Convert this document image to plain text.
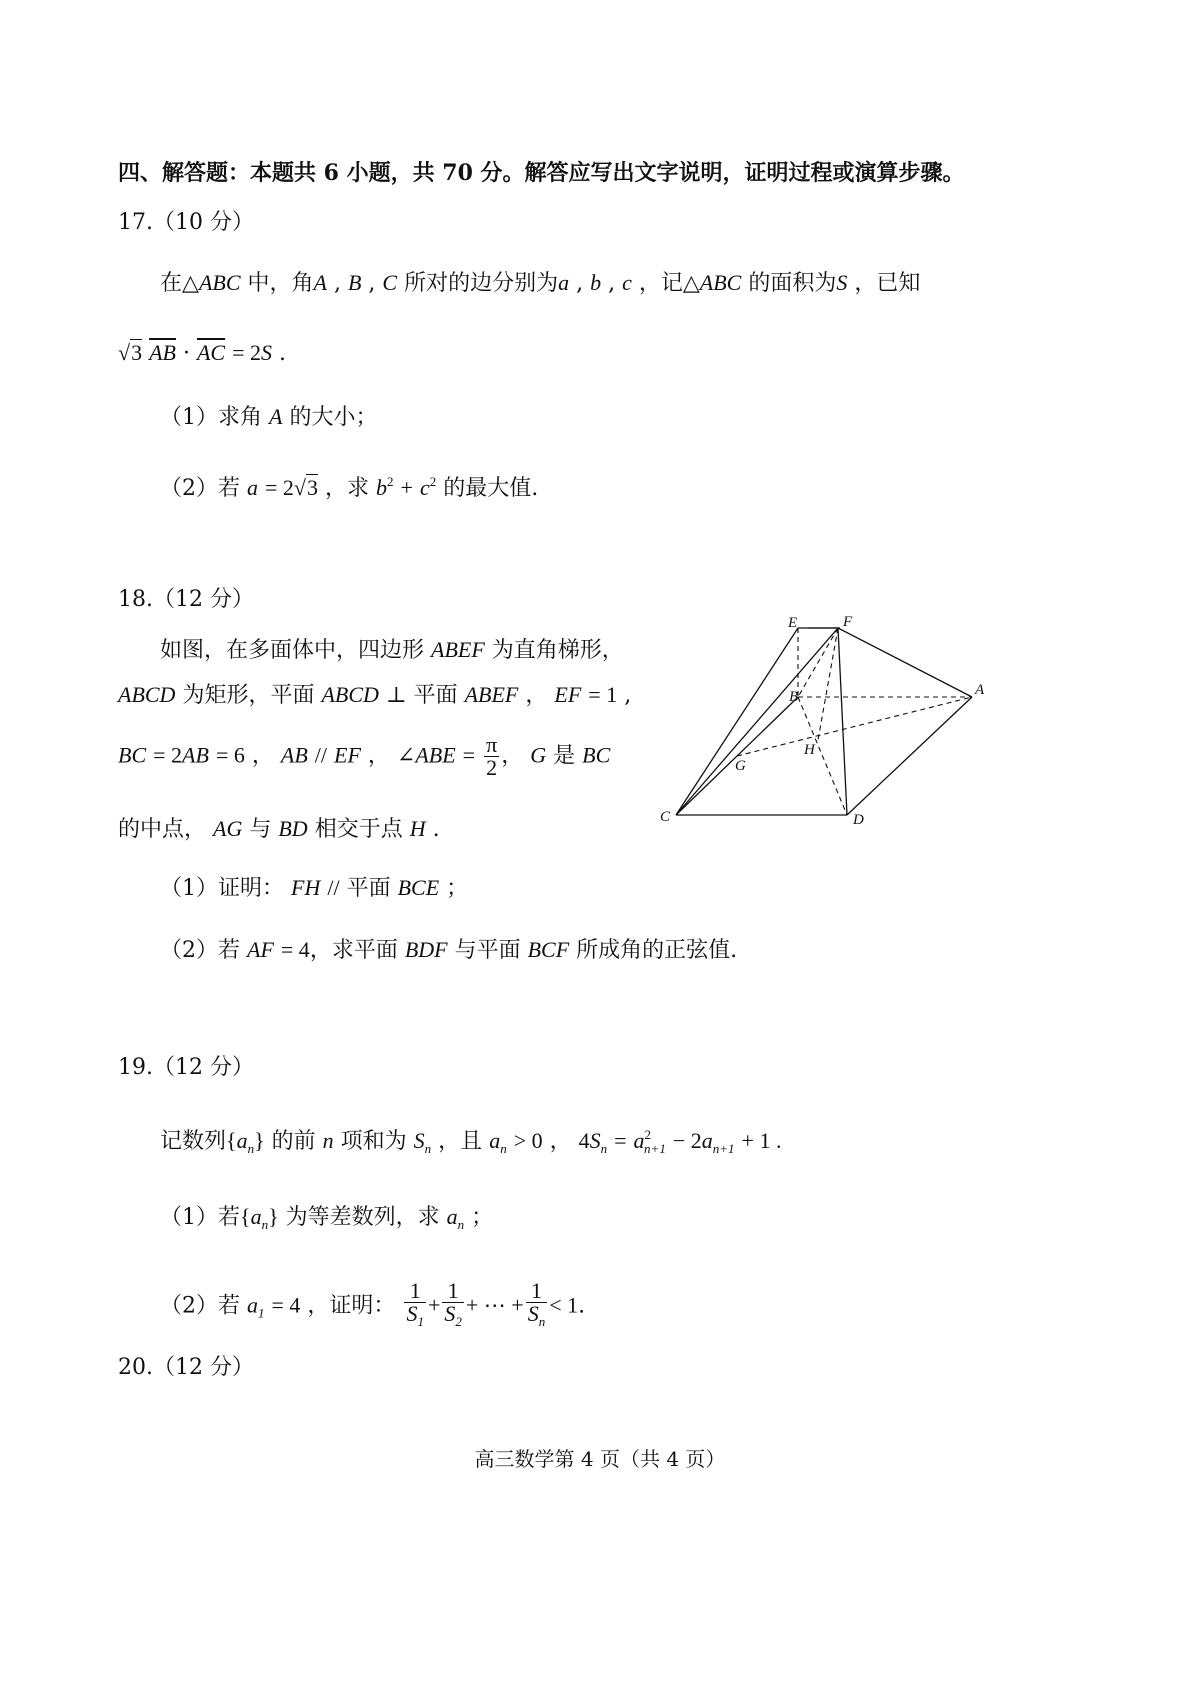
四、解答题：本题共 6 小题，共 70 分。解答应写出文字说明，证明过程或演算步骤。
17.（10 分）
在△ABC 中，角A , B , C 所对的边分别为a , b , c ，记△ABC 的面积为S ，已知
√3 $\overline{AB} \cdot \overline{AC} = 2S$ .
（1）求角 A 的大小；
（2）若 a = 2√3 ，求 $b^2 + c^2$ 的最大值.
18.（12 分）
如图，在多面体中，四边形 ABEF 为直角梯形，
ABCD 为矩形，平面 ABCD ⊥ 平面 ABEF ， EF = 1 ,
BC = 2AB = 6 ， AB // EF ， ∠ABE = $\frac{\pi}{2}$ ， G 是 BC
的中点， AG 与 BD 相交于点 H .
（1）证明： FH // 平面 BCE ；
（2）若 AF = 4，求平面 BDF 与平面 BCF 所成角的正弦值.
E	F
A
B
H
G
C	D
19.（12 分）
记数列$\{a_n\}$ 的前 n 项和为 $S_n$ ，且 $a_n > 0$ ， $4S_n = a^2_{n+1} - 2a_{n+1} + 1$ .
（1）若$\{a_n\}$ 为等差数列，求 $a_n$ ；
（2）若 $a_1 = 4$ ，证明： $\frac{1}{S_1} + \frac{1}{S_2}$ + ⋯ + $\frac{1}{S_n} < 1$.
20.（12 分）
高三数学第 4 页（共 4 页）
